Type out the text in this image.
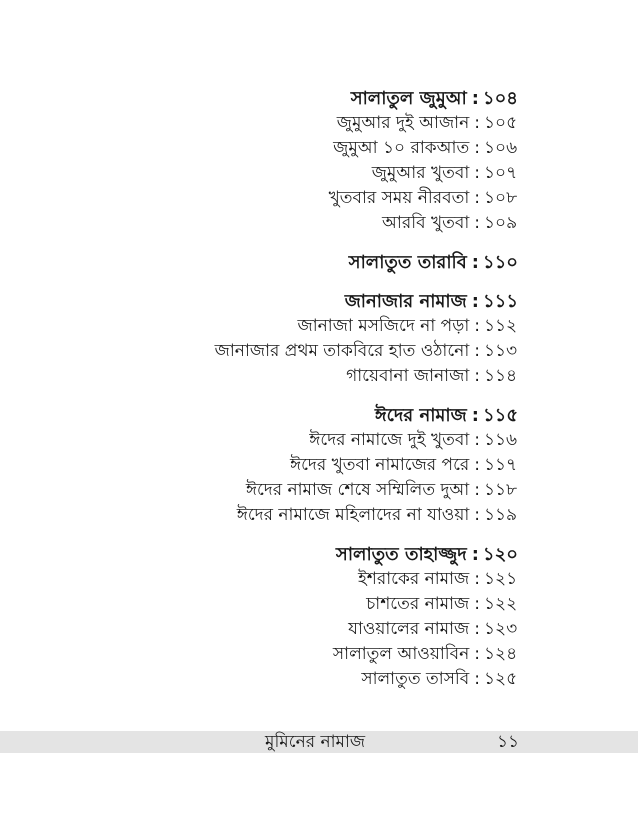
সালাতুল জুমুআ : ১০৪
জুমুআর দুই আজান : ১০৫
জুমুআ ১০ রাকআত : ১০৬
জুমুআর খুতবা : ১০৭
খুতবার সময় নীরবতা : ১০৮
আরবি খুতবা : ১০৯
সালাতুত তারাবি : ১১০
জানাজার নামাজ : ১১১
জানাজা মসজিদে না পড়া : ১১২
জানাজার প্রথম তাকবিরে হাত ওঠানো : ১১৩
গায়েবানা জানাজা : ১১৪
ঈদের নামাজ : ১১৫
ঈদের নামাজে দুই খুতবা : ১১৬
ঈদের খুতবা নামাজের পরে : ১১৭
ঈদের নামাজ শেষে সম্মিলিত দুআ : ১১৮
ঈদের নামাজে মহিলাদের না যাওয়া : ১১৯
সালাতুত তাহাজ্জুদ : ১২০
ইশরাকের নামাজ : ১২১
চাশতের নামাজ : ১২২
যাওয়ালের নামাজ : ১২৩
সালাতুল আওয়াবিন : ১২৪
সালাতুত তাসবি : ১২৫
মুমিনের নামাজ	১১
